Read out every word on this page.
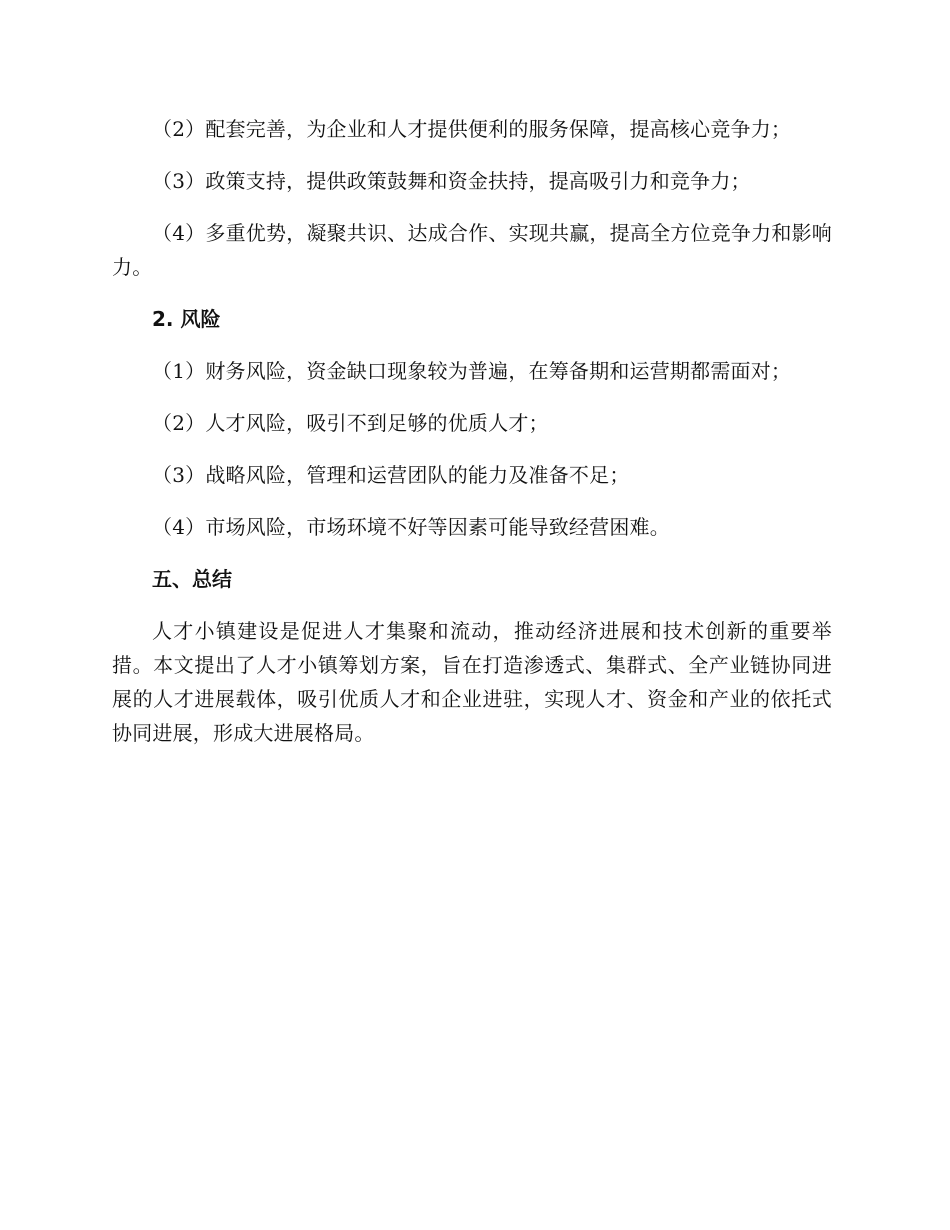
（2）配套完善，为企业和人才提供便利的服务保障，提高核心竞争力；

（3）政策支持，提供政策鼓舞和资金扶持，提高吸引力和竞争力；

（4）多重优势，凝聚共识、达成合作、实现共赢，提高全方位竞争力和影响力。

2. 风险

（1）财务风险，资金缺口现象较为普遍，在筹备期和运营期都需面对；

（2）人才风险，吸引不到足够的优质人才；

（3）战略风险，管理和运营团队的能力及准备不足；

（4）市场风险，市场环境不好等因素可能导致经营困难。

五、总结

人才小镇建设是促进人才集聚和流动，推动经济进展和技术创新的重要举措。本文提出了人才小镇筹划方案，旨在打造渗透式、集群式、全产业链协同进展的人才进展载体，吸引优质人才和企业进驻，实现人才、资金和产业的依托式协同进展，形成大进展格局。
